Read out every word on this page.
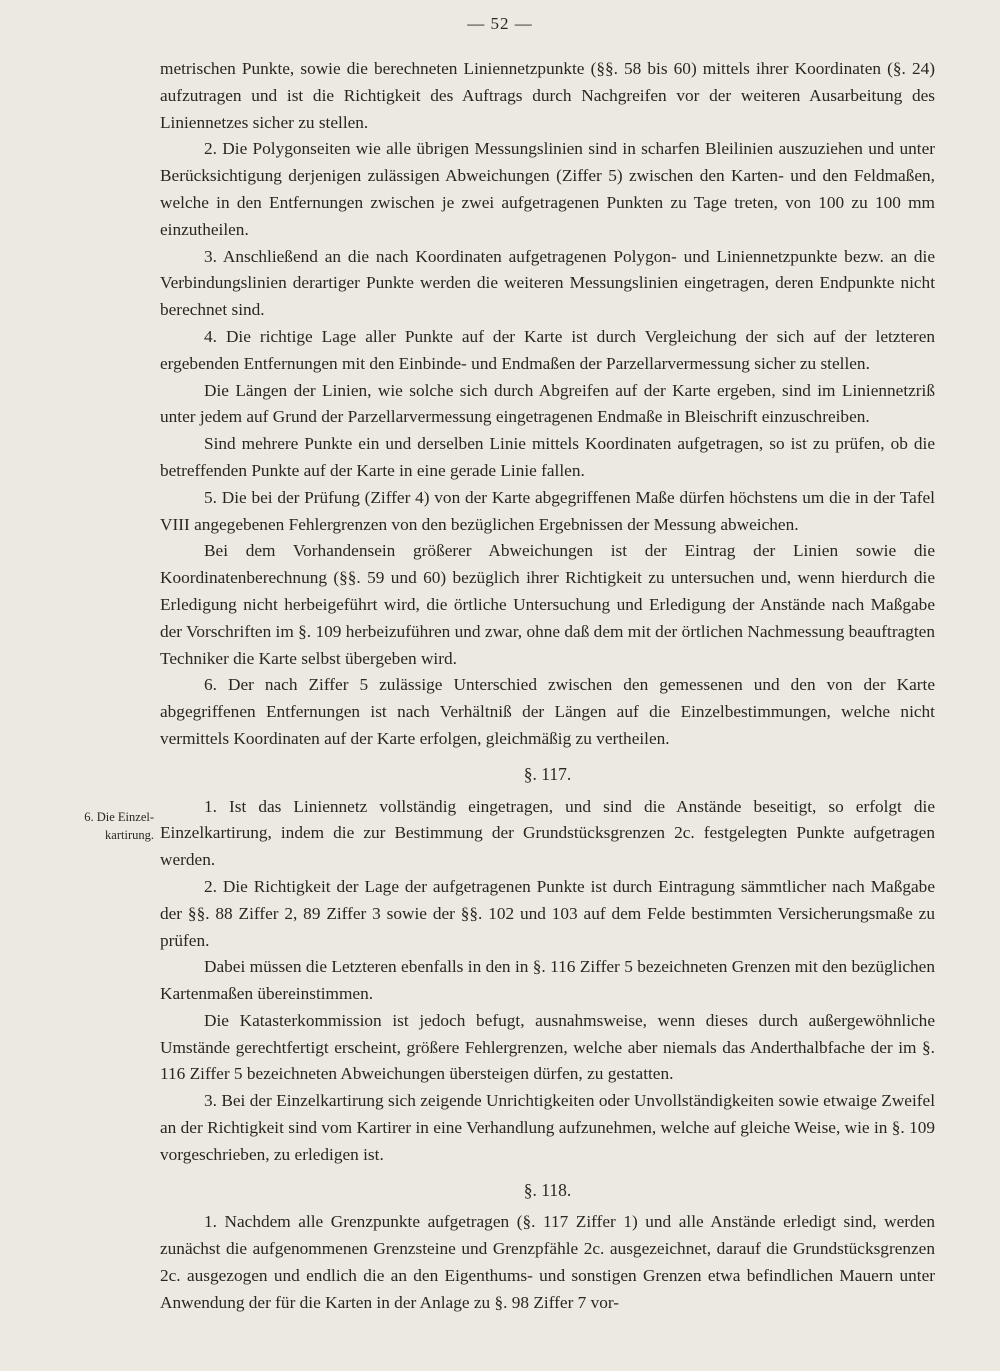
— 52 —
6. Die Einzel-
kartirung.

metrischen Punkte, sowie die berechneten Liniennetzpunkte (§§. 58 bis 60) mittels ihrer Koordinaten (§. 24) aufzutragen und ist die Richtigkeit des Auftrags durch Nachgreifen vor der weiteren Ausarbeitung des Liniennetzes sicher zu stellen.

2. Die Polygonseiten wie alle übrigen Messungslinien sind in scharfen Bleilinien auszuziehen und unter Berücksichtigung derjenigen zulässigen Abweichungen (Ziffer 5) zwischen den Karten- und den Feldmaßen, welche in den Entfernungen zwischen je zwei aufgetragenen Punkten zu Tage treten, von 100 zu 100 mm einzutheilen.

3. Anschließend an die nach Koordinaten aufgetragenen Polygon- und Liniennetzpunkte bezw. an die Verbindungslinien derartiger Punkte werden die weiteren Messungslinien eingetragen, deren Endpunkte nicht berechnet sind.

4. Die richtige Lage aller Punkte auf der Karte ist durch Vergleichung der sich auf der letzteren ergebenden Entfernungen mit den Einbinde- und Endmaßen der Parzellarvermessung sicher zu stellen.

Die Längen der Linien, wie solche sich durch Abgreifen auf der Karte ergeben, sind im Liniennetzriß unter jedem auf Grund der Parzellarvermessung eingetragenen Endmaße in Bleischrift einzuschreiben.

Sind mehrere Punkte ein und derselben Linie mittels Koordinaten aufgetragen, so ist zu prüfen, ob die betreffenden Punkte auf der Karte in eine gerade Linie fallen.

5. Die bei der Prüfung (Ziffer 4) von der Karte abgegriffenen Maße dürfen höchstens um die in der Tafel VIII angegebenen Fehlergrenzen von den bezüglichen Ergebnissen der Messung abweichen.

Bei dem Vorhandensein größerer Abweichungen ist der Eintrag der Linien sowie die Koordinatenberechnung (§§. 59 und 60) bezüglich ihrer Richtigkeit zu untersuchen und, wenn hierdurch die Erledigung nicht herbeigeführt wird, die örtliche Untersuchung und Erledigung der Anstände nach Maßgabe der Vorschriften im §. 109 herbeizuführen und zwar, ohne daß dem mit der örtlichen Nachmessung beauftragten Techniker die Karte selbst übergeben wird.

6. Der nach Ziffer 5 zulässige Unterschied zwischen den gemessenen und den von der Karte abgegriffenen Entfernungen ist nach Verhältniß der Längen auf die Einzelbestimmungen, welche nicht vermittels Koordinaten auf der Karte erfolgen, gleichmäßig zu vertheilen.

§. 117.

1. Ist das Liniennetz vollständig eingetragen, und sind die Anstände beseitigt, so erfolgt die Einzelkartirung, indem die zur Bestimmung der Grundstücksgrenzen 2c. festgelegten Punkte aufgetragen werden.

2. Die Richtigkeit der Lage der aufgetragenen Punkte ist durch Eintragung sämmtlicher nach Maßgabe der §§. 88 Ziffer 2, 89 Ziffer 3 sowie der §§. 102 und 103 auf dem Felde bestimmten Versicherungsmaße zu prüfen.

Dabei müssen die Letzteren ebenfalls in den in §. 116 Ziffer 5 bezeichneten Grenzen mit den bezüglichen Kartenmaßen übereinstimmen.

Die Katasterkommission ist jedoch befugt, ausnahmsweise, wenn dieses durch außergewöhnliche Umstände gerechtfertigt erscheint, größere Fehlergrenzen, welche aber niemals das Anderthalbfache der im §. 116 Ziffer 5 bezeichneten Abweichungen übersteigen dürfen, zu gestatten.

3. Bei der Einzelkartirung sich zeigende Unrichtigkeiten oder Unvollständigkeiten sowie etwaige Zweifel an der Richtigkeit sind vom Kartirer in eine Verhandlung aufzunehmen, welche auf gleiche Weise, wie in §. 109 vorgeschrieben, zu erledigen ist.

§. 118.

1. Nachdem alle Grenzpunkte aufgetragen (§. 117 Ziffer 1) und alle Anstände erledigt sind, werden zunächst die aufgenommenen Grenzsteine und Grenzpfähle 2c. ausgezeichnet, darauf die Grundstücksgrenzen 2c. ausgezogen und endlich die an den Eigenthums- und sonstigen Grenzen etwa befindlichen Mauern unter Anwendung der für die Karten in der Anlage zu §. 98 Ziffer 7 vor-
